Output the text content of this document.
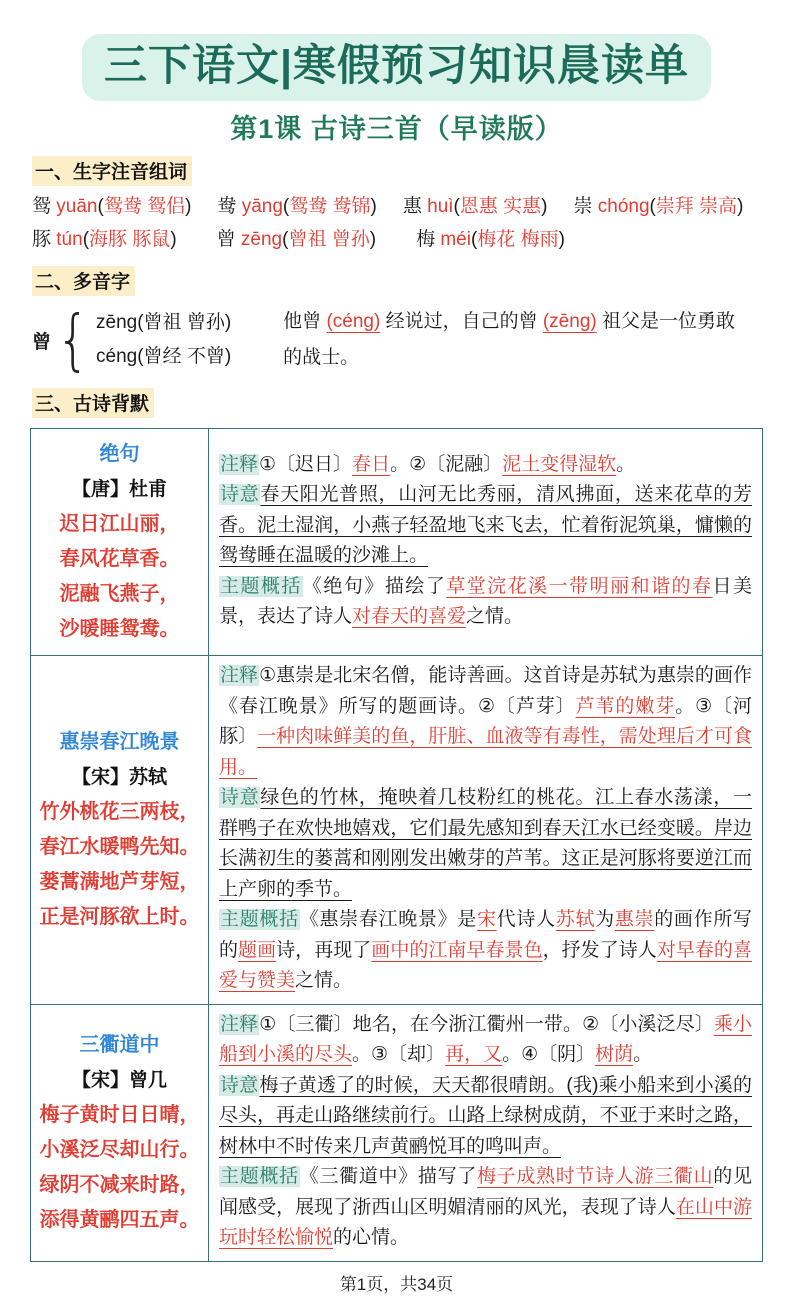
三下语文|寒假预习知识晨读单
第1课 古诗三首（早读版）
一、生字注音组词
鸳 yuān(鸳鸯 鸳侣) 鸯 yāng(鸳鸯 鸯锦) 惠 huì(恩惠 实惠) 崇 chóng(崇拜 崇高)
豚 tún(海豚 豚鼠) 曾 zēng(曾祖 曾孙) 梅 méi(梅花 梅雨)
二、多音字
曾 { zēng(曾祖 曾孙)
céng(曾经 不曾)
他曾 (céng) 经说过，自己的曾 (zēng) 祖父是一位勇敢的战士。
三、古诗背默
绝句
【唐】杜甫
迟日江山丽，
春风花草香。
泥融飞燕子，
沙暖睡鸳鸯。

注释①〔迟日〕春日。②〔泥融〕泥土变得湿软。
诗意春天阳光普照，山河无比秀丽，清风拂面，送来花草的芳香。泥土湿润，小燕子轻盈地飞来飞去，忙着衔泥筑巢，慵懒的鸳鸯睡在温暖的沙滩上。
主题概括《绝句》描绘了草堂浣花溪一带明丽和谐的春日美景，表达了诗人对春天的喜爱之情。

惠崇春江晚景
【宋】苏轼
竹外桃花三两枝，
春江水暖鸭先知。
蒌蒿满地芦芽短，
正是河豚欲上时。

注释①惠崇是北宋名僧，能诗善画。这首诗是苏轼为惠崇的画作《春江晚景》所写的题画诗。②〔芦芽〕芦苇的嫩芽。③〔河豚〕一种肉味鲜美的鱼，肝脏、血液等有毒性，需处理后才可食用。
诗意绿色的竹林，掩映着几枝粉红的桃花。江上春水荡漾，一群鸭子在欢快地嬉戏，它们最先感知到春天江水已经变暖。岸边长满初生的蒌蒿和刚刚发出嫩芽的芦苇。这正是河豚将要逆江而上产卵的季节。
主题概括《惠崇春江晚景》是宋代诗人苏轼为惠崇的画作所写的题画诗，再现了画中的江南早春景色，抒发了诗人对早春的喜爱与赞美之情。

三衢道中
【宋】曾几
梅子黄时日日晴，
小溪泛尽却山行。
绿阴不减来时路，
添得黄鹂四五声。

注释①〔三衢〕地名，在今浙江衢州一带。②〔小溪泛尽〕乘小船到小溪的尽头。③〔却〕再，又。④〔阴〕树荫。
诗意梅子黄透了的时候，天天都很晴朗。(我)乘小船来到小溪的尽头，再走山路继续前行。山路上绿树成荫，不亚于来时之路，树林中不时传来几声黄鹂悦耳的鸣叫声。
主题概括《三衢道中》描写了梅子成熟时节诗人游三衢山的见闻感受，展现了浙西山区明媚清丽的风光，表现了诗人在山中游玩时轻松愉悦的心情。
第1页，共34页
